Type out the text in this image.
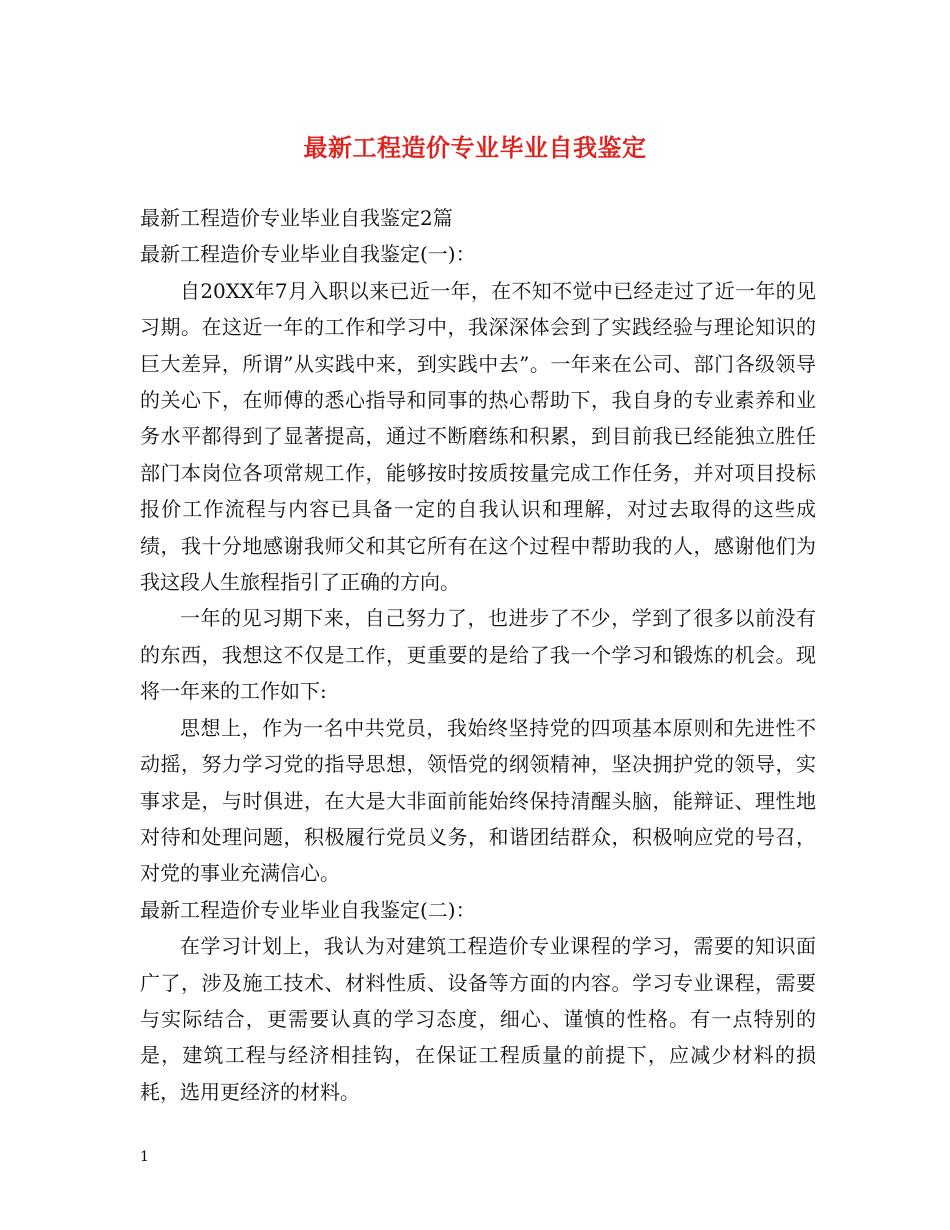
最新工程造价专业毕业自我鉴定

最新工程造价专业毕业自我鉴定2篇

最新工程造价专业毕业自我鉴定(一)：

自20XX年7月入职以来已近一年，在不知不觉中已经走过了近一年的见习期。在这近一年的工作和学习中，我深深体会到了实践经验与理论知识的巨大差异，所谓”从实践中来，到实践中去”。一年来在公司、部门各级领导的关心下，在师傅的悉心指导和同事的热心帮助下，我自身的专业素养和业务水平都得到了显著提高，通过不断磨练和积累，到目前我已经能独立胜任部门本岗位各项常规工作，能够按时按质按量完成工作任务，并对项目投标报价工作流程与内容已具备一定的自我认识和理解，对过去取得的这些成绩，我十分地感谢我师父和其它所有在这个过程中帮助我的人，感谢他们为我这段人生旅程指引了正确的方向。

一年的见习期下来，自己努力了，也进步了不少，学到了很多以前没有的东西，我想这不仅是工作，更重要的是给了我一个学习和锻炼的机会。现将一年来的工作如下:

思想上，作为一名中共党员，我始终坚持党的四项基本原则和先进性不动摇，努力学习党的指导思想，领悟党的纲领精神，坚决拥护党的领导，实事求是，与时俱进，在大是大非面前能始终保持清醒头脑，能辩证、理性地对待和处理问题，积极履行党员义务，和谐团结群众，积极响应党的号召，对党的事业充满信心。

最新工程造价专业毕业自我鉴定(二)：

在学习计划上，我认为对建筑工程造价专业课程的学习，需要的知识面广了，涉及施工技术、材料性质、设备等方面的内容。学习专业课程，需要与实际结合，更需要认真的学习态度，细心、谨慎的性格。有一点特别的是，建筑工程与经济相挂钩，在保证工程质量的前提下，应减少材料的损耗，选用更经济的材料。

1
